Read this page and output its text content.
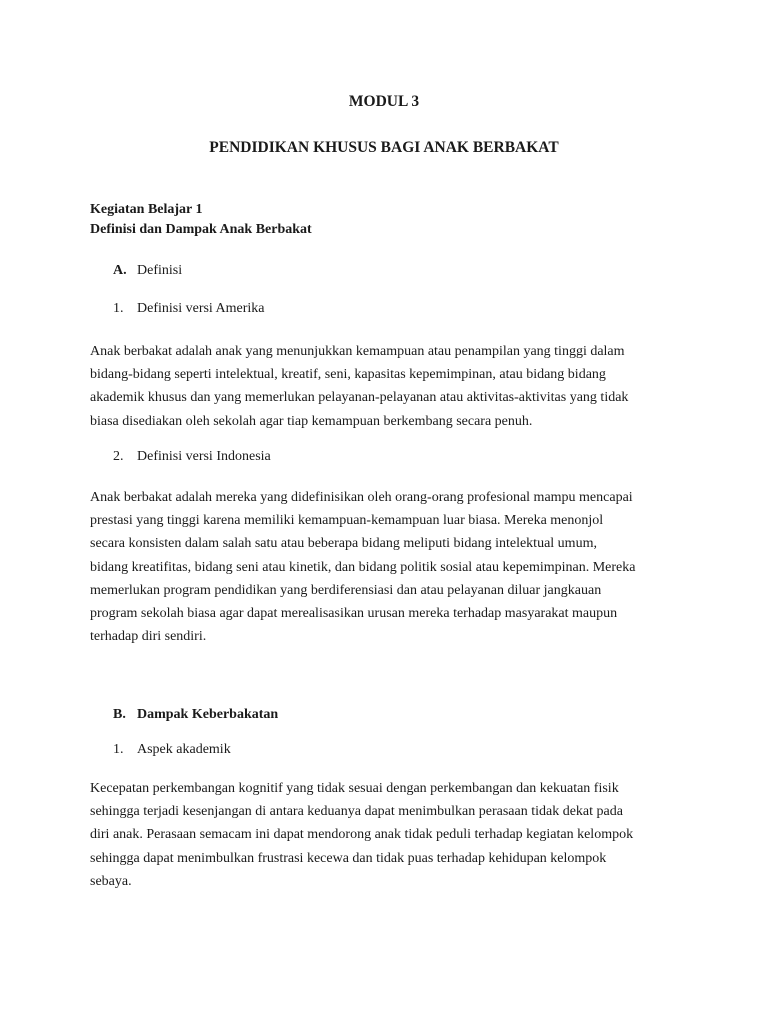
MODUL 3
PENDIDIKAN KHUSUS BAGI ANAK BERBAKAT
Kegiatan Belajar 1
Definisi dan Dampak Anak Berbakat
A. Definisi
1. Definisi versi Amerika
Anak berbakat adalah anak yang menunjukkan kemampuan atau penampilan yang tinggi dalam
bidang-bidang seperti intelektual, kreatif, seni, kapasitas kepemimpinan, atau bidang bidang
akademik khusus dan yang memerlukan pelayanan-pelayanan atau aktivitas-aktivitas yang tidak
biasa disediakan oleh sekolah agar tiap kemampuan berkembang secara penuh.
2. Definisi versi Indonesia
Anak berbakat adalah mereka yang didefinisikan oleh orang-orang profesional mampu mencapai
prestasi yang tinggi karena memiliki kemampuan-kemampuan luar biasa. Mereka menonjol
secara konsisten dalam salah satu atau beberapa bidang meliputi bidang intelektual umum,
bidang kreatifitas, bidang seni atau kinetik, dan bidang politik sosial atau kepemimpinan. Mereka
memerlukan program pendidikan yang berdiferensiasi dan atau pelayanan diluar jangkauan
program sekolah biasa agar dapat merealisasikan urusan mereka terhadap masyarakat maupun
terhadap diri sendiri.
B. Dampak Keberbakatan
1. Aspek akademik
Kecepatan perkembangan kognitif yang tidak sesuai dengan perkembangan dan kekuatan fisik
sehingga terjadi kesenjangan di antara keduanya dapat menimbulkan perasaan tidak dekat pada
diri anak. Perasaan semacam ini dapat mendorong anak tidak peduli terhadap kegiatan kelompok
sehingga dapat menimbulkan frustrasi kecewa dan tidak puas terhadap kehidupan kelompok
sebaya.
